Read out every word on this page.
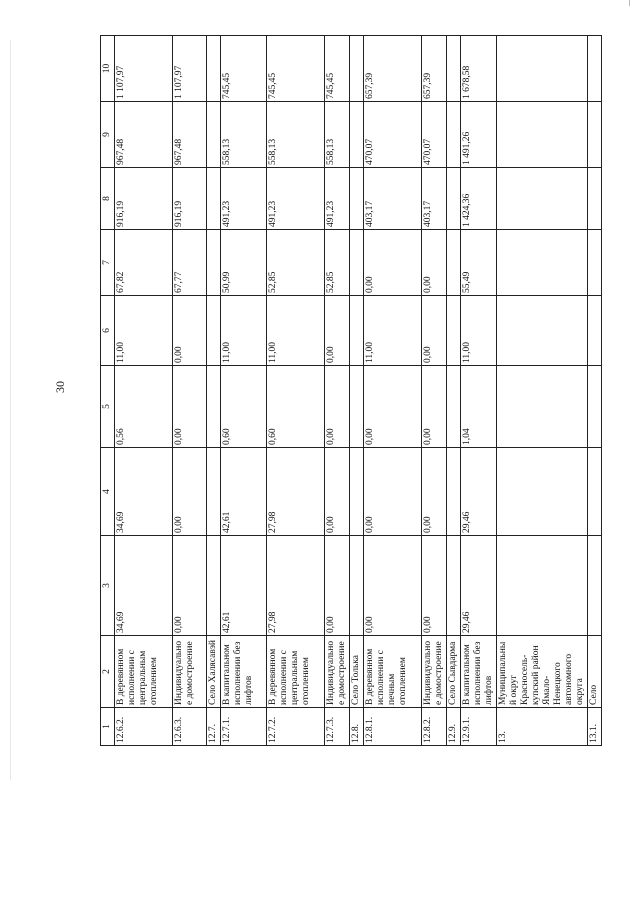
30
1	2	3	4	5	6	7	8	9	10
12.6.2.	В деревянном исполнении с центральным отоплением	34,69	34,69	0,56	11,00	67,82	916,19	967,48	1 107,97
12.6.3.	Индивидуальное домостроение	0,00	0,00	0,00	0,00	67,77	916,19	967,48	1 107,97
12.7.	Село Халясавэй								
12.7.1.	В капитальном исполнении без лифтов	42,61	42,61	0,60	11,00	50,99	491,23	558,13	745,45
12.7.2.	В деревянном исполнении с центральным отоплением	27,98	27,98	0,60	11,00	52,85	491,23	558,13	745,45
12.7.3.	Индивидуальное домостроение	0,00	0,00	0,00	0,00	52,85	491,23	558,13	745,45
12.8.	Село Толька								
12.8.1.	В деревянном исполнении с печным отоплением	0,00	0,00	0,00	11,00	0,00	403,17	470,07	657,39
12.8.2.	Индивидуальное домостроение	0,00	0,00	0,00	0,00	0,00	403,17	470,07	657,39
12.9.	Село Сывдарма								
12.9.1.	В капитальном исполнении без лифтов	29,46	29,46	1,04	11,00	55,49	1 424,36	1 491,26	1 678,58
13.	Муниципальный округ Красносель-купский район Ямало-Ненецкого автономного округа								
13.1.	Село								
